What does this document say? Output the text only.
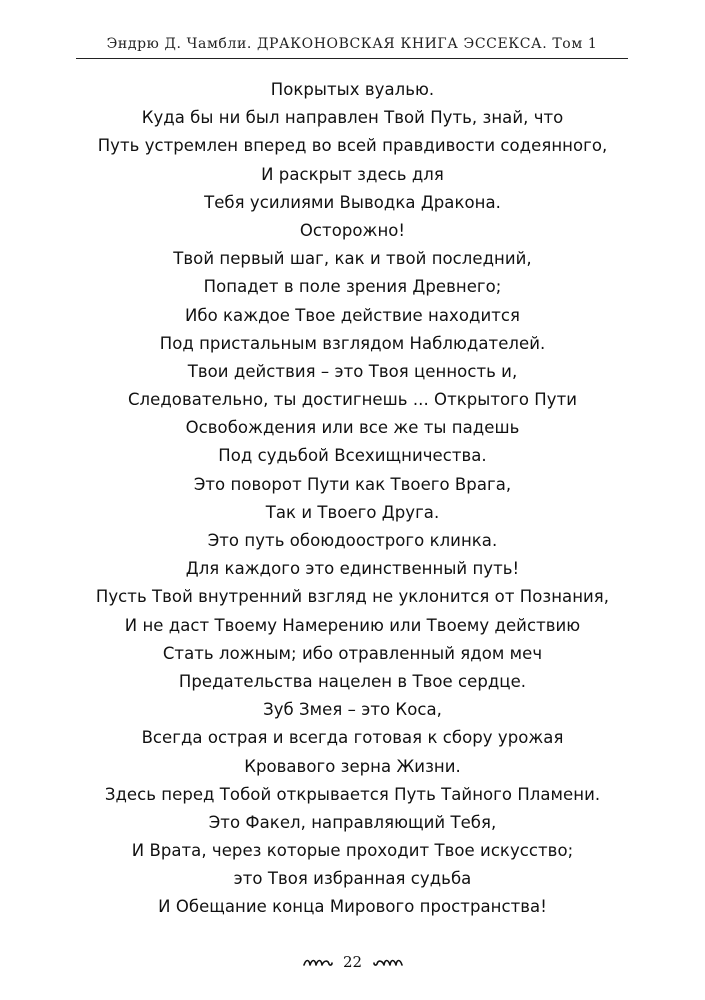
Эндрю Д. Чамбли. ДРАКОНОВСКАЯ КНИГА ЭССЕКСА. Том 1
Покрытых вуалью.
Куда бы ни был направлен Твой Путь, знай, что
Путь устремлен вперед во всей правдивости содеянного,
И раскрыт здесь для
Тебя усилиями Выводка Дракона.
Осторожно!
Твой первый шаг, как и твой последний,
Попадет в поле зрения Древнего;
Ибо каждое Твое действие находится
Под пристальным взглядом Наблюдателей.
Твои действия – это Твоя ценность и,
Следовательно, ты достигнешь ... Открытого Пути
Освобождения или все же ты падешь
Под судьбой Всехищничества.
Это поворот Пути как Твоего Врага,
Так и Твоего Друга.
Это путь обоюдоострого клинка.
Для каждого это единственный путь!
Пусть Твой внутренний взгляд не уклонится от Познания,
И не даст Твоему Намерению или Твоему действию
Стать ложным; ибо отравленный ядом меч
Предательства нацелен в Твое сердце.
Зуб Змея – это Коса,
Всегда острая и всегда готовая к сбору урожая
Кровавого зерна Жизни.
Здесь перед Тобой открывается Путь Тайного Пламени.
Это Факел, направляющий Тебя,
И Врата, через которые проходит Твое искусство;
это Твоя избранная судьба
И Обещание конца Мирового пространства!
22
